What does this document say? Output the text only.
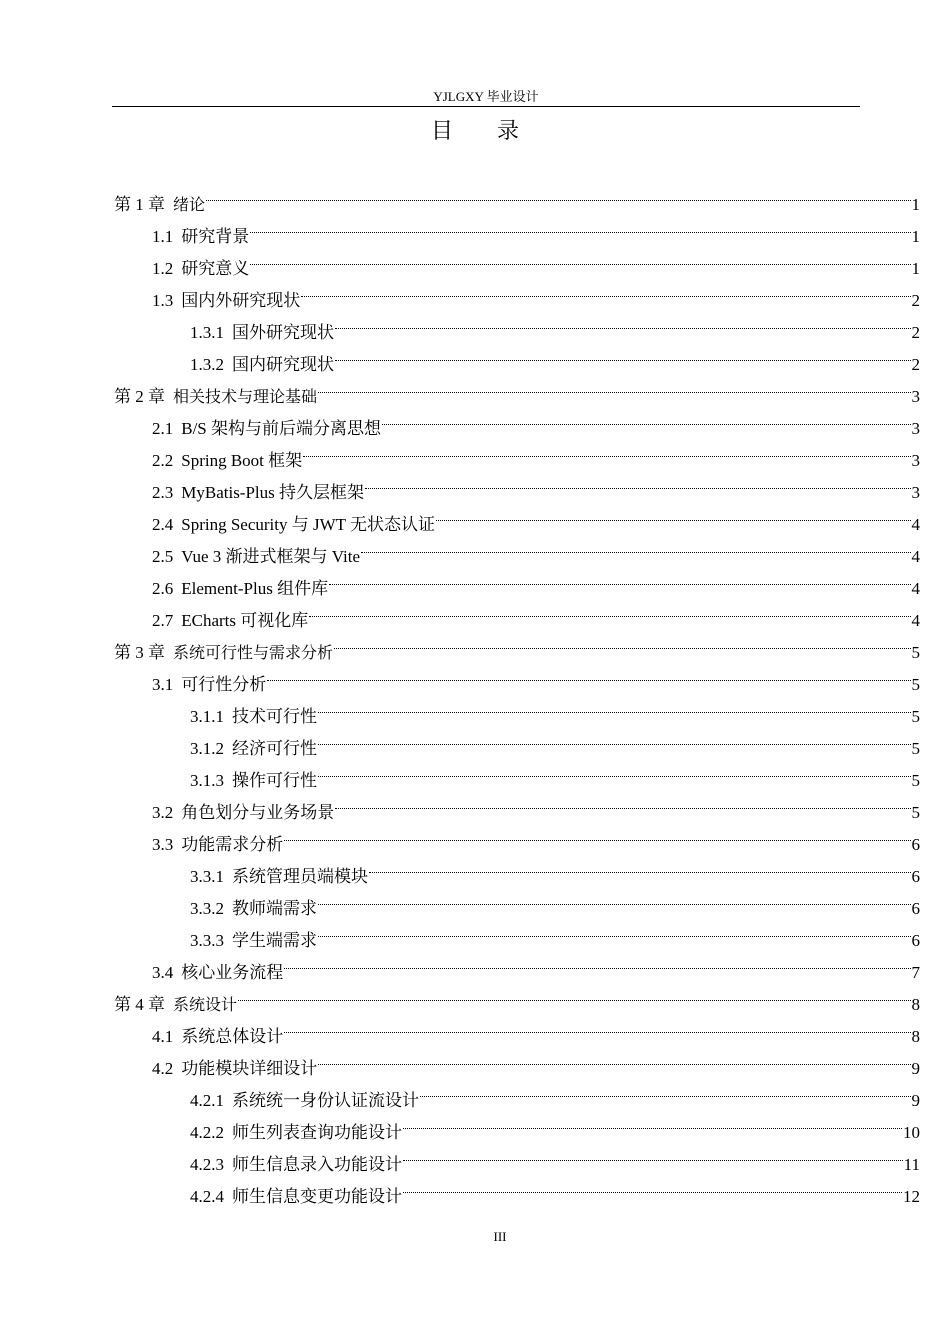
YJLGXY 毕业设计
目录
第 1 章 绪论	1
1.1 研究背景	1
1.2 研究意义	1
1.3 国内外研究现状	2
1.3.1 国外研究现状	2
1.3.2 国内研究现状	2
第 2 章 相关技术与理论基础	3
2.1 B/S 架构与前后端分离思想	3
2.2 Spring Boot 框架	3
2.3 MyBatis-Plus 持久层框架	3
2.4 Spring Security 与 JWT 无状态认证	4
2.5 Vue 3 渐进式框架与 Vite	4
2.6 Element-Plus 组件库	4
2.7 ECharts 可视化库	4
第 3 章 系统可行性与需求分析	5
3.1 可行性分析	5
3.1.1 技术可行性	5
3.1.2 经济可行性	5
3.1.3 操作可行性	5
3.2 角色划分与业务场景	5
3.3 功能需求分析	6
3.3.1 系统管理员端模块	6
3.3.2 教师端需求	6
3.3.3 学生端需求	6
3.4 核心业务流程	7
第 4 章 系统设计	8
4.1 系统总体设计	8
4.2 功能模块详细设计	9
4.2.1 系统统一身份认证流设计	9
4.2.2 师生列表查询功能设计	10
4.2.3 师生信息录入功能设计	11
4.2.4 师生信息变更功能设计	12
III
